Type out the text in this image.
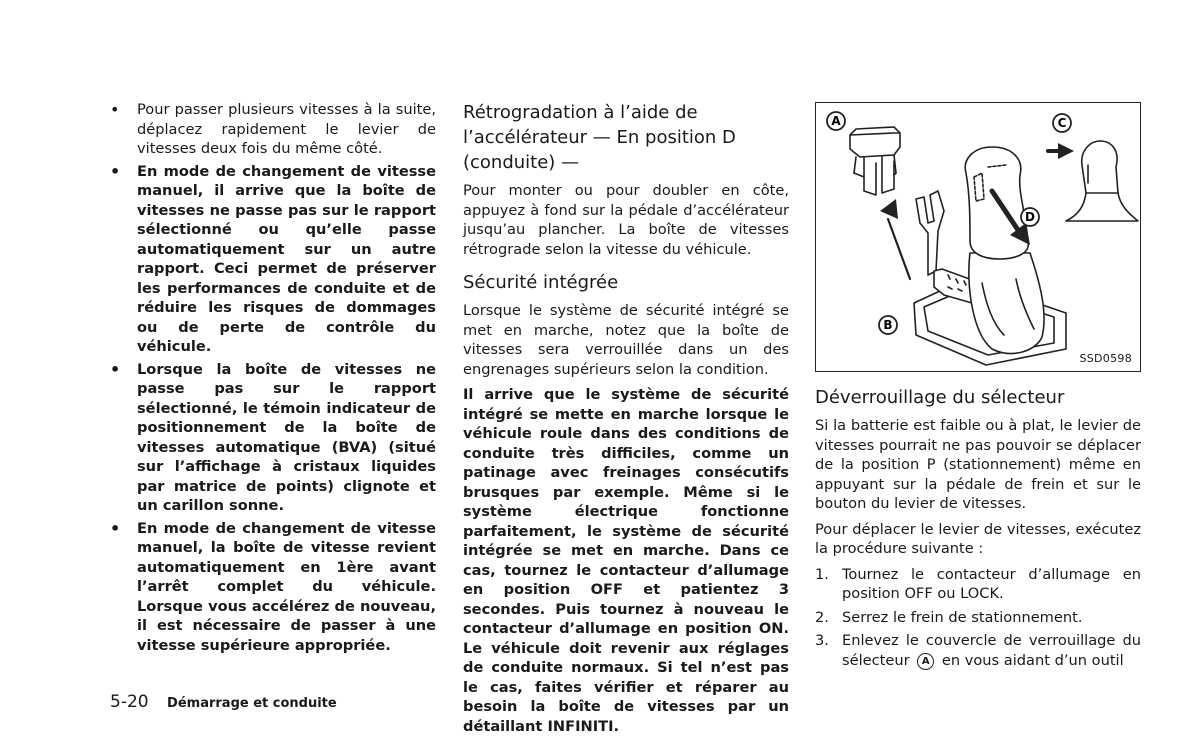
• Pour passer plusieurs vitesses à la suite, déplacez rapidement le levier de vitesses deux fois du même côté.
• En mode de changement de vitesse manuel, il arrive que la boîte de vitesses ne passe pas sur le rapport sélectionné ou qu’elle passe automatiquement sur un autre rapport. Ceci permet de préserver les performances de conduite et de réduire les risques de dommages ou de perte de contrôle du véhicule.
• Lorsque la boîte de vitesses ne passe pas sur le rapport sélectionné, le témoin indicateur de positionnement de la boîte de vitesses automatique (BVA) (situé sur l’affichage à cristaux liquides par matrice de points) clignote et un carillon sonne.
• En mode de changement de vitesse manuel, la boîte de vitesse revient automatiquement en 1ère avant l’arrêt complet du véhicule. Lorsque vous accélérez de nouveau, il est nécessaire de passer à une vitesse supérieure appropriée.
Rétrogradation à l’aide de l’accélérateur — En position D (conduite) —

Pour monter ou pour doubler en côte, appuyez à fond sur la pédale d’accélérateur jusqu’au plancher. La boîte de vitesses rétrograde selon la vitesse du véhicule.

Sécurité intégrée

Lorsque le système de sécurité intégré se met en marche, notez que la boîte de vitesses sera verrouillée dans un des engrenages supérieurs selon la condition.

Il arrive que le système de sécurité intégré se mette en marche lorsque le véhicule roule dans des conditions de conduite très difficiles, comme un patinage avec freinages consécutifs brusques par exemple. Même si le système électrique fonctionne parfaitement, le système de sécurité intégrée se met en marche. Dans ce cas, tournez le contacteur d’allumage en position OFF et patientez 3 secondes. Puis tournez à nouveau le contacteur d’allumage en position ON. Le véhicule doit revenir aux réglages de conduite normaux. Si tel n’est pas le cas, faites vérifier et réparer au besoin la boîte de vitesses par un détaillant INFINITI.

A
B
C
D
SSD0598
Déverrouillage du sélecteur

Si la batterie est faible ou à plat, le levier de vitesses pourrait ne pas pouvoir se déplacer de la position P (stationnement) même en appuyant sur la pédale de frein et sur le bouton du levier de vitesses.

Pour déplacer le levier de vitesses, exécutez la procédure suivante :

1. Tournez le contacteur d’allumage en position OFF ou LOCK.
2. Serrez le frein de stationnement.
3. Enlevez le couvercle de verrouillage du sélecteur A en vous aidant d’un outil
5-20 Démarrage et conduite
